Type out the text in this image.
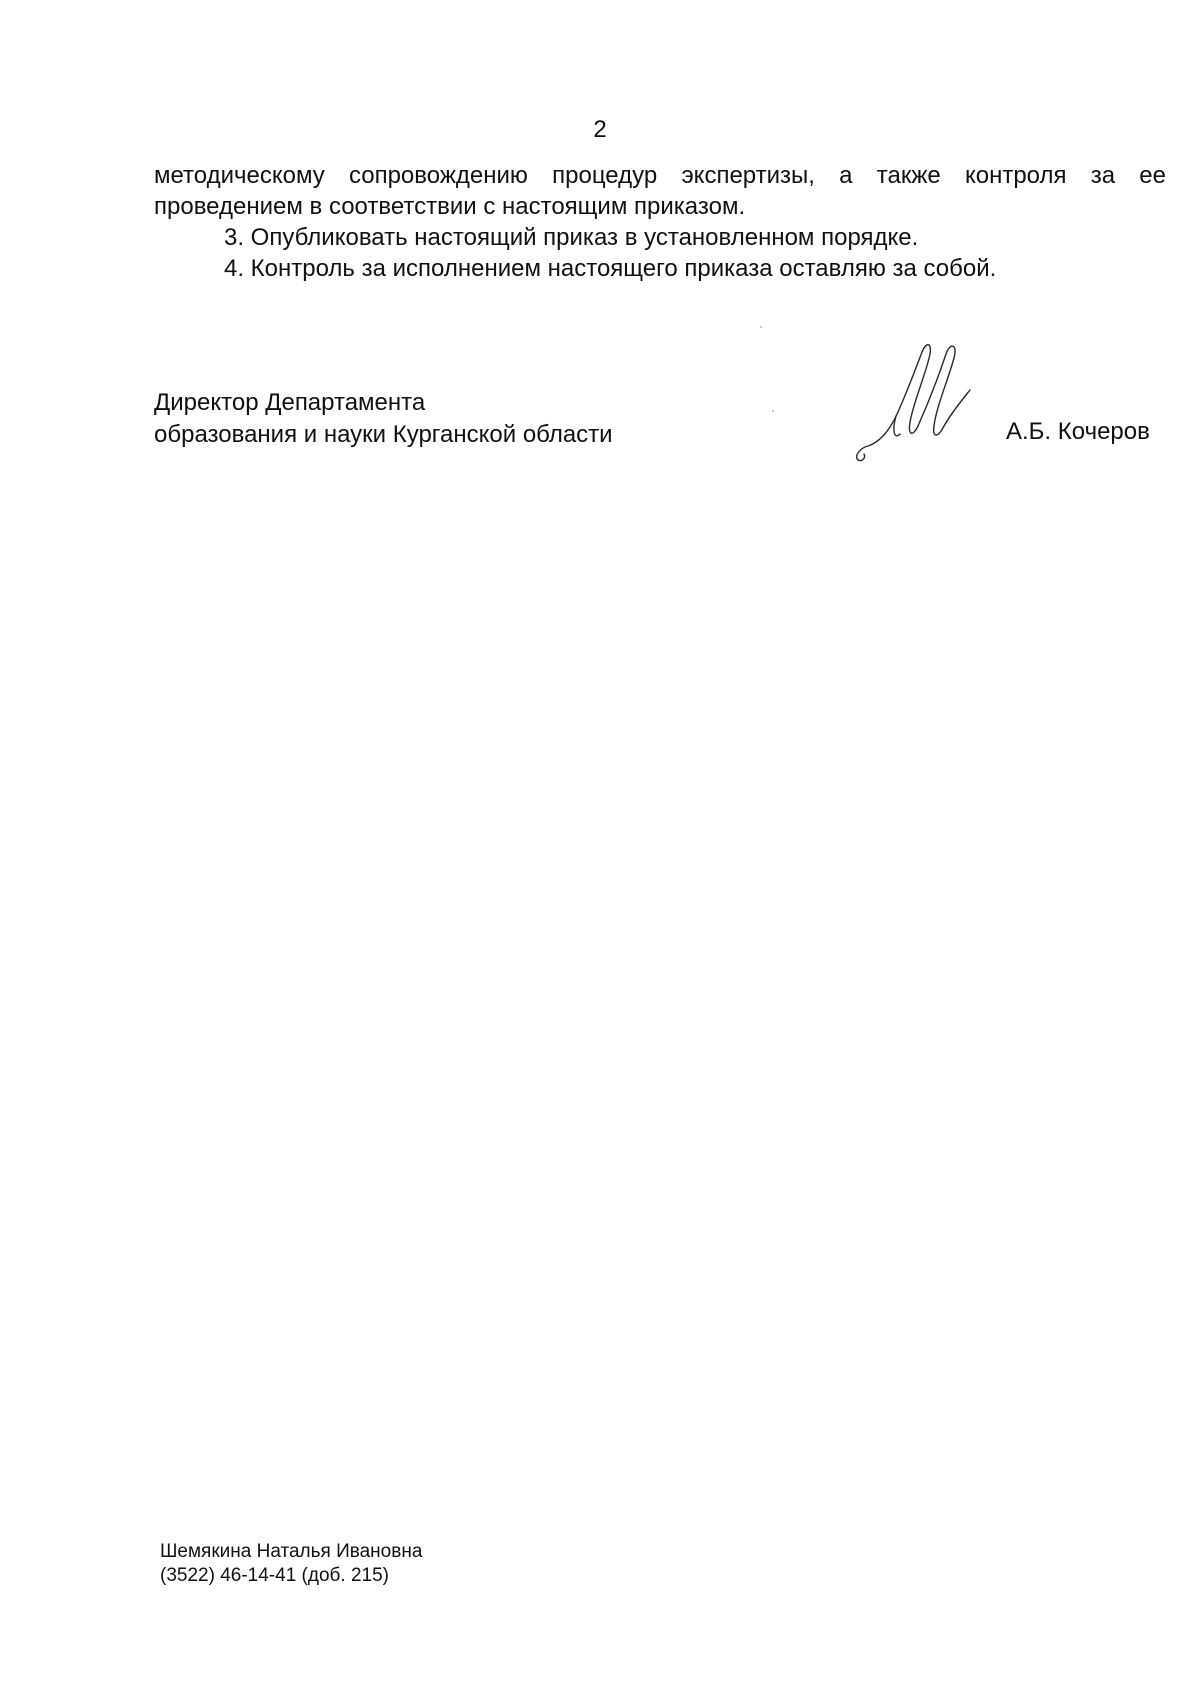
2

методическому сопровождению процедур экспертизы, а также контроля за ее
проведением в соответствии с настоящим приказом.

3. Опубликовать настоящий приказ в установленном порядке.

4. Контроль за исполнением настоящего приказа оставляю за собой.

Директор Департамента
образования и науки Курганской области	А.Б. Кочеров
Шемякина Наталья Ивановна
(3522) 46-14-41 (доб. 215)
